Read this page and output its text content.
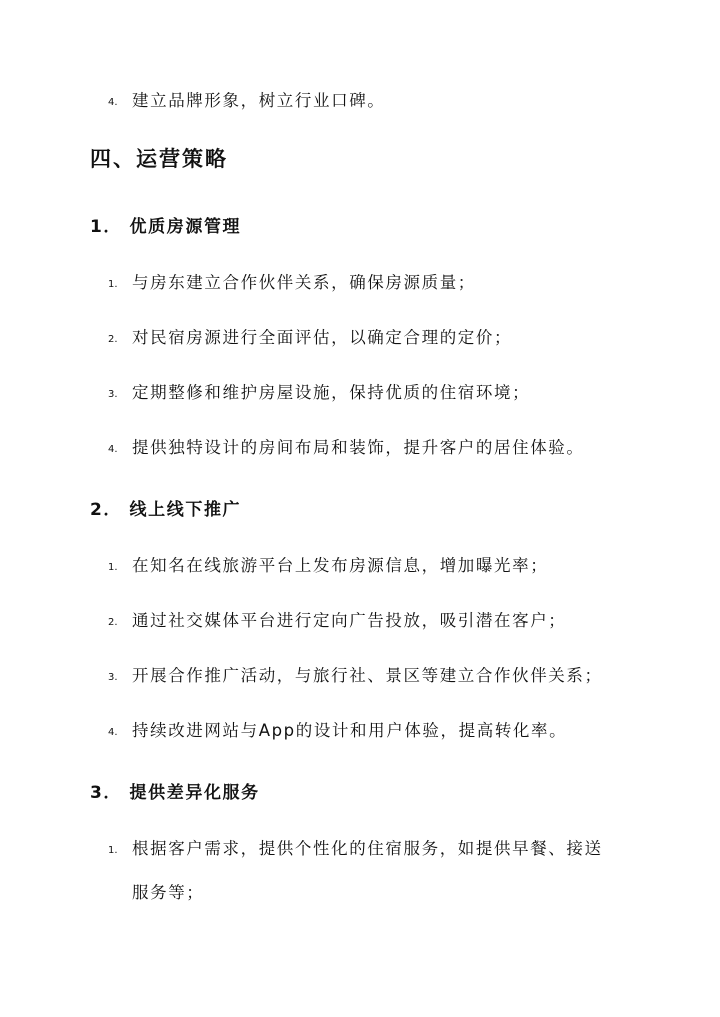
4. 建立品牌形象，树立行业口碑。
四、运营策略
1． 优质房源管理
1. 与房东建立合作伙伴关系，确保房源质量；
2. 对民宿房源进行全面评估，以确定合理的定价；
3. 定期整修和维护房屋设施，保持优质的住宿环境；
4. 提供独特设计的房间布局和装饰，提升客户的居住体验。
2． 线上线下推广
1. 在知名在线旅游平台上发布房源信息，增加曝光率；
2. 通过社交媒体平台进行定向广告投放，吸引潜在客户；
3. 开展合作推广活动，与旅行社、景区等建立合作伙伴关系；
4. 持续改进网站与App的设计和用户体验，提高转化率。
3． 提供差异化服务
1. 根据客户需求，提供个性化的住宿服务，如提供早餐、接送
服务等；
